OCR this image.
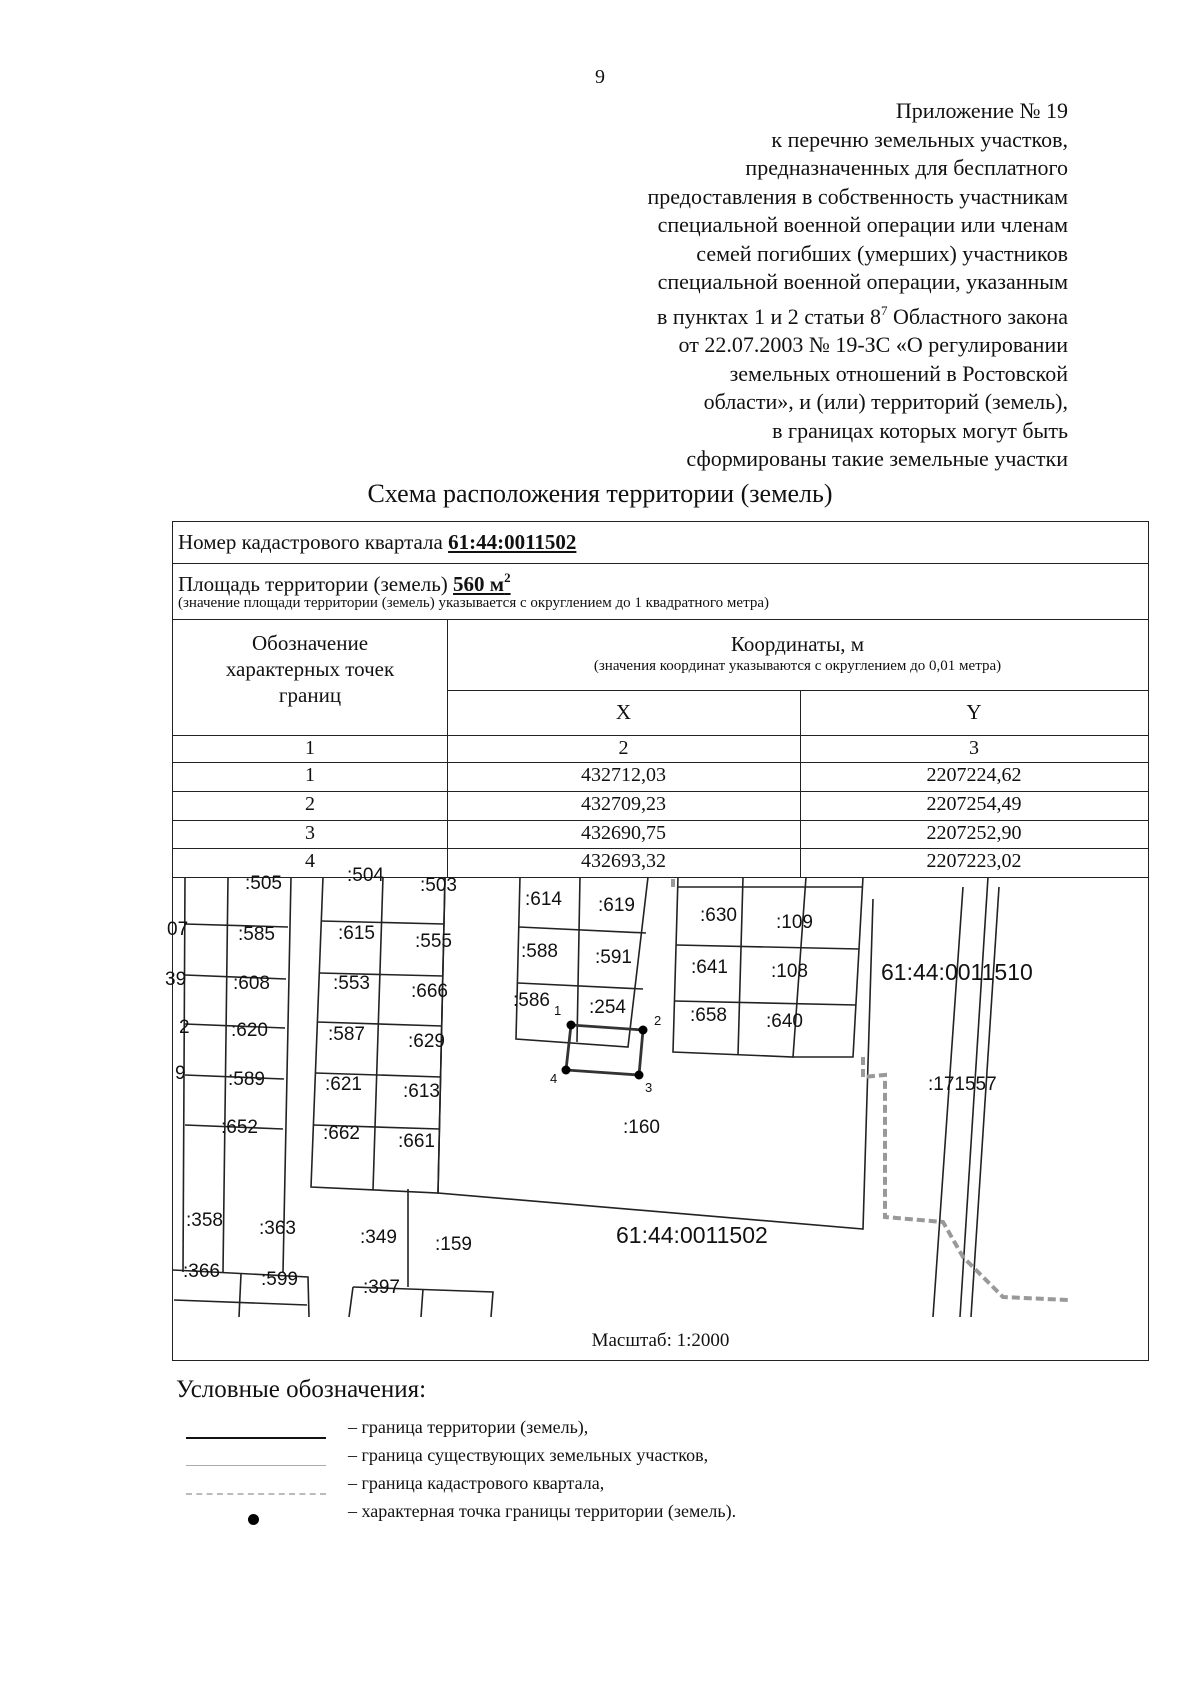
9
Приложение № 19
к перечню земельных участков,
предназначенных для бесплатного
предоставления в собственность участникам
специальной военной операции или членам
семей погибших (умерших) участников
специальной военной операции, указанным
в пунктах 1 и 2 статьи $8^7$ Областного закона
от 22.07.2003 № 19-ЗС «О регулировании
земельных отношений в Ростовской
области», и (или) территорий (земель),
в границах которых могут быть
сформированы такие земельные участки
Схема расположения территории (земель)
Номер кадастрового квартала 61:44:0011502
Площадь территории (земель) 560 $м^2$
(значение площади территории (земель) указывается с округлением до 1 квадратного метра)
Обозначение
характерных точек
границ
Координаты, м
(значения координат указываются с округлением до 0,01 метра)
X	Y
1	2	3
1	432712,03	2207224,62
2	432709,23	2207254,49
3	432690,75	2207252,90
4	432693,32	2207223,02
:505	:504 :503
:614 :619	:630 :109
:585	:615 :555	:588 :591	:641 :108
:608	:553 :666	:586 :254	:658 :640
:620	:587 :629
:589	:621 :613	:171557
:652	:662 :661
:160
:358 :363	:349 :159
:366 :599	:397
07
39
2
9
61:44:0011510
61:44:0011502
1
2
3
4
Масштаб: 1:2000
Условные обозначения:
– граница территории (земель),
– граница существующих земельных участков,
– граница кадастрового квартала,
– характерная точка границы территории (земель).
